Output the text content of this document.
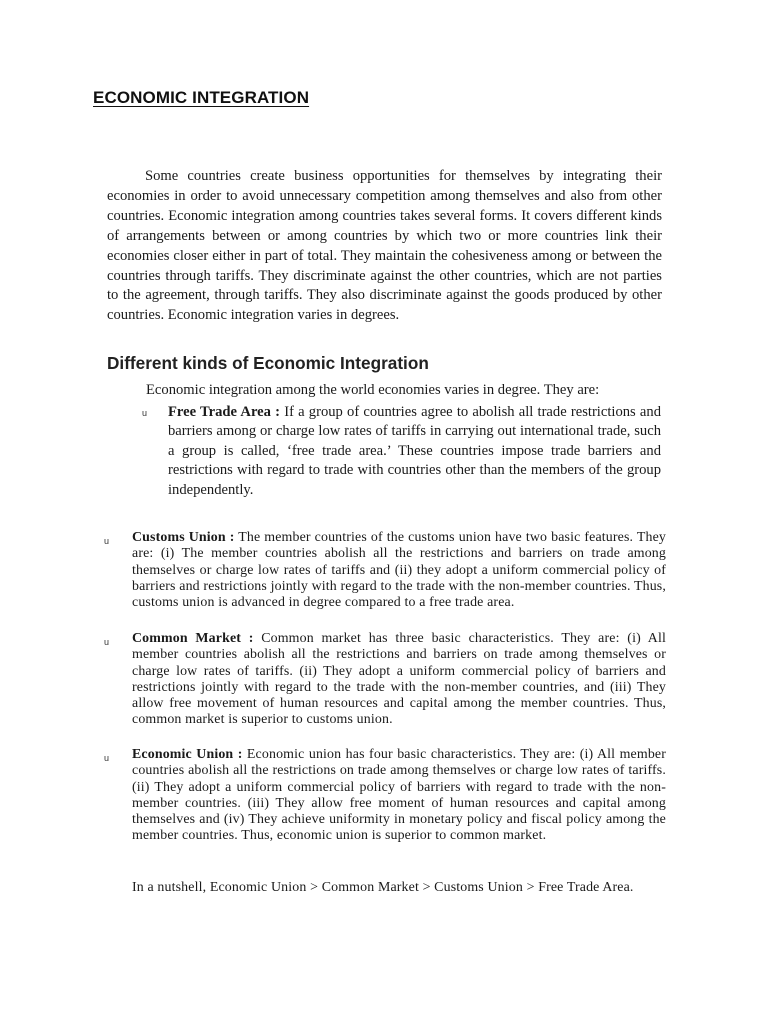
ECONOMIC INTEGRATION

Some countries create business opportunities for themselves by integrating their economies in order to avoid unnecessary competition among themselves and also from other countries. Economic integration among countries takes several forms. It covers different kinds of arrangements between or among countries by which two or more countries link their economies closer either in part of total. They maintain the cohesiveness among or between the countries through tariffs. They discriminate against the other countries, which are not parties to the agreement, through tariffs. They also discriminate against the goods produced by other countries. Economic integration varies in degrees.

Different kinds of Economic Integration

Economic integration among the world economies varies in degree. They are:

u Free Trade Area : If a group of countries agree to abolish all trade restrictions and barriers among or charge low rates of tariffs in carrying out international trade, such a group is called, ‘free trade area.’ These countries impose trade barriers and restrictions with regard to trade with countries other than the members of the group independently.

u Customs Union : The member countries of the customs union have two basic features. They are: (i) The member countries abolish all the restrictions and barriers on trade among themselves or charge low rates of tariffs and (ii) they adopt a uniform commercial policy of barriers and restrictions jointly with regard to the trade with the non-member countries. Thus, customs union is advanced in degree compared to a free trade area.

u Common Market : Common market has three basic characteristics. They are: (i) All member countries abolish all the restrictions and barriers on trade among themselves or charge low rates of tariffs. (ii) They adopt a uniform commercial policy of barriers and restrictions jointly with regard to the trade with the non-member countries, and (iii) They allow free movement of human resources and capital among the member countries. Thus, common market is superior to customs union.

u Economic Union : Economic union has four basic characteristics. They are: (i) All member countries abolish all the restrictions on trade among themselves or charge low rates of tariffs.(ii) They adopt a uniform commercial policy of barriers with regard to trade with the non-member countries. (iii) They allow free moment of human resources and capital among themselves and (iv) They achieve uniformity in monetary policy and fiscal policy among the member countries. Thus, economic union is superior to common market.

In a nutshell, Economic Union > Common Market > Customs Union > Free Trade Area.
